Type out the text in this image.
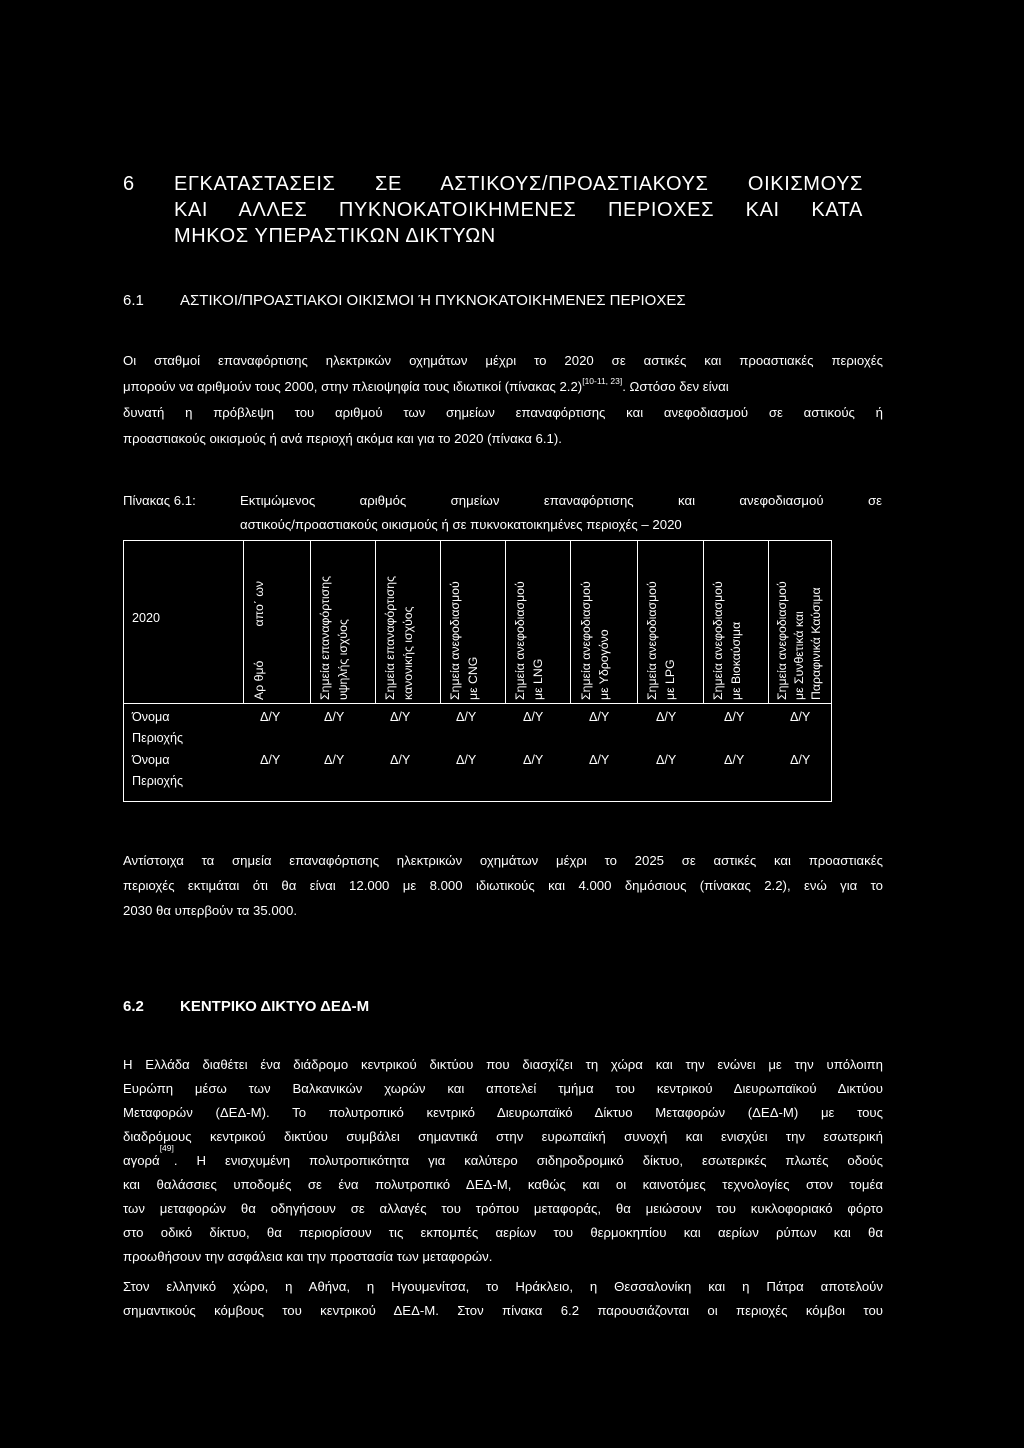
6 ΕΓΚΑΤΑΣΤΑΣΕΙΣ ΣΕ ΑΣΤΙΚΟΥΣ/ΠΡΟΑΣΤΙΑΚΟΥΣ ΟΙΚΙΣΜΟΥΣ
ΚΑΙ ΑΛΛΕΣ ΠΥΚΝΟΚΑΤΟΙΚΗΜΕΝΕΣ ΠΕΡΙΟΧΕΣ ΚΑΙ ΚΑΤΑ
ΜΗΚΟΣ ΥΠΕΡΑΣΤΙΚΩΝ ΔΙΚΤΥΩΝ
6.1 ΑΣΤΙΚΟΙ/ΠΡΟΑΣΤΙΑΚΟΙ ΟΙΚΙΣΜΟΙ Ή ΠΥΚΝΟΚΑΤΟΙΚΗΜΕΝΕΣ ΠΕΡΙΟΧΕΣ
Οι σταθμοί επαναφόρτισης ηλεκτρικών οχημάτων μέχρι το 2020 σε αστικές και προαστιακές περιοχές
μπορούν να αριθμούν τους 2000, στην πλειοψηφία τους ιδιωτικοί (πίνακας 2.2)[10-11, 23]. Ωστόσο δεν είναι
δυνατή η πρόβλεψη του αριθμού των σημείων επαναφόρτισης και ανεφοδιασμού σε αστικούς ή
προαστιακούς οικισμούς ή ανά περιοχή ακόμα και για το 2020 (πίνακα 6.1).
Πίνακας 6.1:	Εκτιμώμενος αριθμός σημείων επαναφόρτισης και ανεφοδιασμού σε
αστικούς/προαστιακούς οικισμούς ή σε πυκνοκατοικημένες περιοχές – 2020
2020
Αρ θμό          απο΄ ων	Σημεία επαναφόρτισης υψηλής ισχύος	Σημεία επαναφόρτισης κανονικής ισχύος	Σημεία ανεφοδιασμού με CNG	Σημεία ανεφοδιασμού με LNG	Σημεία ανεφοδιασμού με Υδρογόνο	Σημεία ανεφοδιασμού με LPG	Σημεία ανεφοδιασμού με Βιοκαύσιμα	Σημεία ανεφοδιασμού με Συνθετικά και Παραφινικά Καύσιμα
Όνομα
Περιοχής
Δ/Υ	Δ/Υ	Δ/Υ	Δ/Υ	Δ/Υ	Δ/Υ	Δ/Υ	Δ/Υ	Δ/Υ
Όνομα
Περιοχής
Δ/Υ	Δ/Υ	Δ/Υ	Δ/Υ	Δ/Υ	Δ/Υ	Δ/Υ	Δ/Υ	Δ/Υ
Αντίστοιχα τα σημεία επαναφόρτισης ηλεκτρικών οχημάτων μέχρι το 2025 σε αστικές και προαστιακές
περιοχές εκτιμάται ότι θα είναι 12.000 με 8.000 ιδιωτικούς και 4.000 δημόσιους (πίνακας 2.2), ενώ για το
2030 θα υπερβούν τα 35.000.
6.2 ΚΕΝΤΡΙΚΟ ΔΙΚΤΥΟ ΔΕΔ-Μ
Η Ελλάδα διαθέτει ένα διάδρομο κεντρικού δικτύου που διασχίζει τη χώρα και την ενώνει με την υπόλοιπη
Ευρώπη μέσω των Βαλκανικών χωρών και αποτελεί τμήμα του κεντρικού Διευρωπαϊκού Δικτύου
Μεταφορών (ΔΕΔ-Μ). Το πολυτροπικό κεντρικό Διευρωπαϊκό Δίκτυο Μεταφορών (ΔΕΔ-Μ) με τους
διαδρόμους κεντρικού δικτύου συμβάλει σημαντικά στην ευρωπαϊκή συνοχή και ενισχύει την εσωτερική
αγορά
[49]
. Η ενισχυμένη πολυτροπικότητα για καλύτερο σιδηροδρομικό δίκτυο, εσωτερικές πλωτές οδούς
και θαλάσσιες υποδομές σε ένα πολυτροπικό ΔΕΔ-Μ, καθώς και οι καινοτόμες τεχνολογίες στον τομέα
των μεταφορών θα οδηγήσουν σε αλλαγές του τρόπου μεταφοράς, θα μειώσουν του κυκλοφοριακό φόρτο
στο οδικό δίκτυο, θα περιορίσουν τις εκπομπές αερίων του θερμοκηπίου και αερίων ρύπων και θα
προωθήσουν την ασφάλεια και την προστασία των μεταφορών.
Στον ελληνικό χώρο, η Αθήνα, η Ηγουμενίτσα, το Ηράκλειο, η Θεσσαλονίκη και η Πάτρα αποτελούν
σημαντικούς κόμβους του κεντρικού ΔΕΔ-Μ. Στον πίνακα 6.2 παρουσιάζονται οι περιοχές κόμβοι του
